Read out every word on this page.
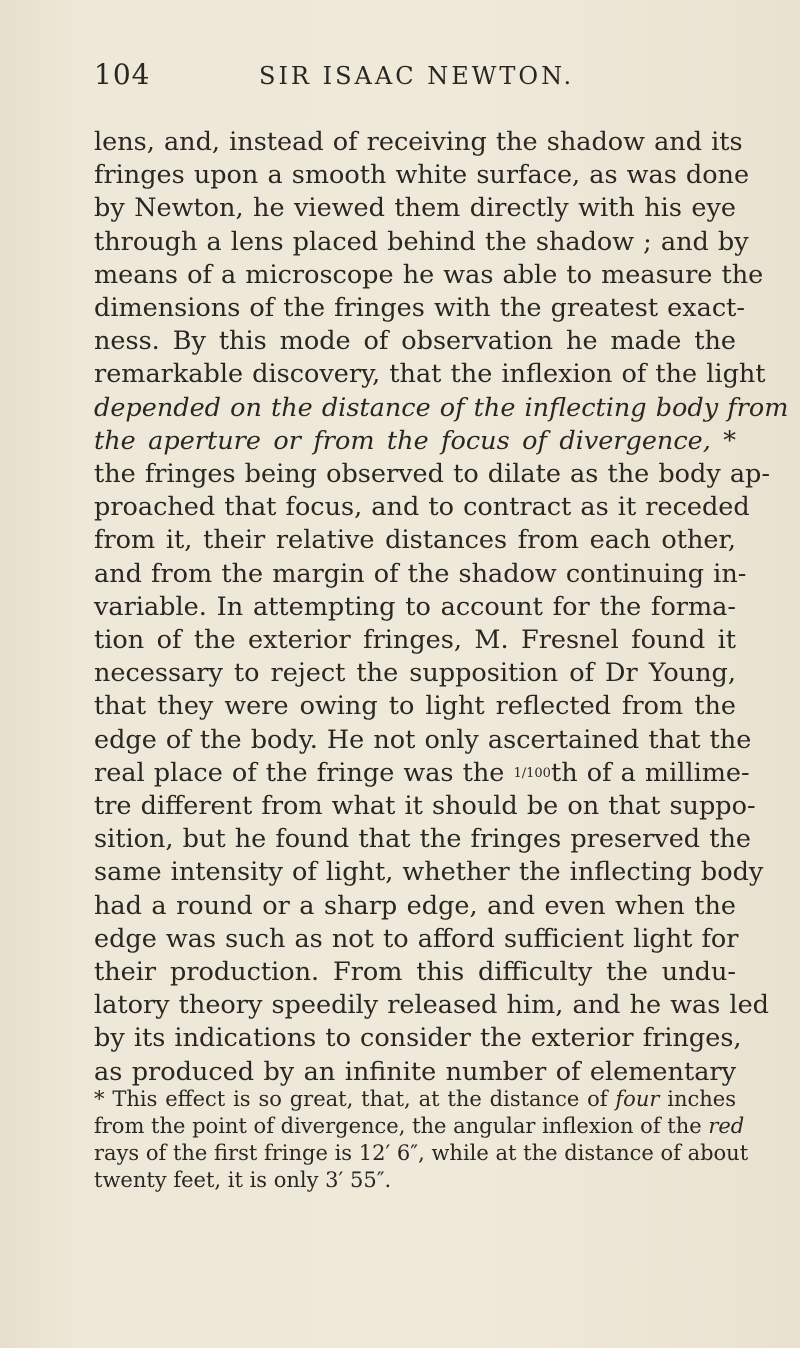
104	SIR ISAAC NEWTON.
lens, and, instead of receiving the shadow and its
fringes upon a smooth white surface, as was done
by Newton, he viewed them directly with his eye
through a lens placed behind the shadow ; and by
means of a microscope he was able to measure the
dimensions of the fringes with the greatest exact-
ness. By this mode of observation he made the
remarkable discovery, that the inflexion of the light
depended on the distance of the inflecting body from
the aperture or from the focus of divergence, *
the fringes being observed to dilate as the body ap-
proached that focus, and to contract as it receded
from it, their relative distances from each other,
and from the margin of the shadow continuing in-
variable. In attempting to account for the forma-
tion of the exterior fringes, M. Fresnel found it
necessary to reject the supposition of Dr Young,
that they were owing to light reflected from the
edge of the body. He not only ascertained that the
real place of the fringe was the 1/100th of a millime-
tre different from what it should be on that suppo-
sition, but he found that the fringes preserved the
same intensity of light, whether the inflecting body
had a round or a sharp edge, and even when the
edge was such as not to afford sufficient light for
their production. From this difficulty the undu-
latory theory speedily released him, and he was led
by its indications to consider the exterior fringes,
as produced by an infinite number of elementary
* This effect is so great, that, at the distance of four inches
from the point of divergence, the angular inflexion of the red
rays of the first fringe is 12′ 6″, while at the distance of about
twenty feet, it is only 3′ 55″.
